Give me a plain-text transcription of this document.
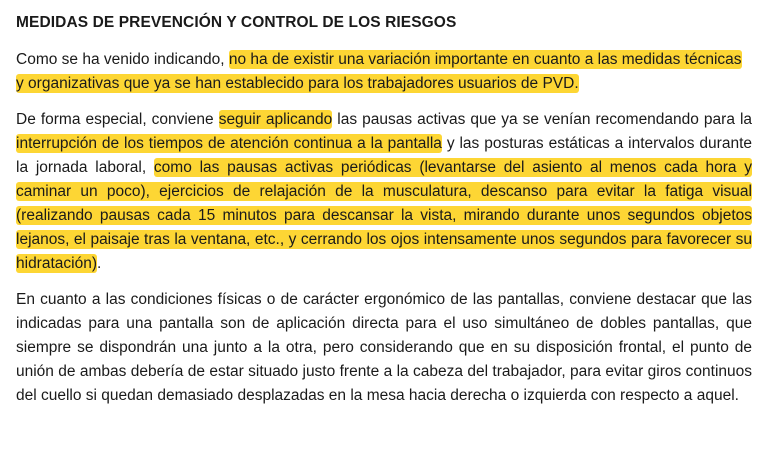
MEDIDAS DE PREVENCIÓN Y CONTROL DE LOS RIESGOS

Como se ha venido indicando, no ha de existir una variación importante en cuanto a las medidas técnicas y organizativas que ya se han establecido para los trabajadores usuarios de PVD.

De forma especial, conviene seguir aplicando las pausas activas que ya se venían recomendando para la interrupción de los tiempos de atención continua a la pantalla y las posturas estáticas a intervalos durante la jornada laboral, como las pausas activas periódicas (levantarse del asiento al menos cada hora y caminar un poco), ejercicios de relajación de la musculatura, descanso para evitar la fatiga visual (realizando pausas cada 15 minutos para descansar la vista, mirando durante unos segundos objetos lejanos, el paisaje tras la ventana, etc., y cerrando los ojos intensamente unos segundos para favorecer su hidratación).

En cuanto a las condiciones físicas o de carácter ergonómico de las pantallas, conviene destacar que las indicadas para una pantalla son de aplicación directa para el uso simultáneo de dobles pantallas, que siempre se dispondrán una junto a la otra, pero considerando que en su disposición frontal, el punto de unión de ambas debería de estar situado justo frente a la cabeza del trabajador, para evitar giros continuos del cuello si quedan demasiado desplazadas en la mesa hacia derecha o izquierda con respecto a aquel.
